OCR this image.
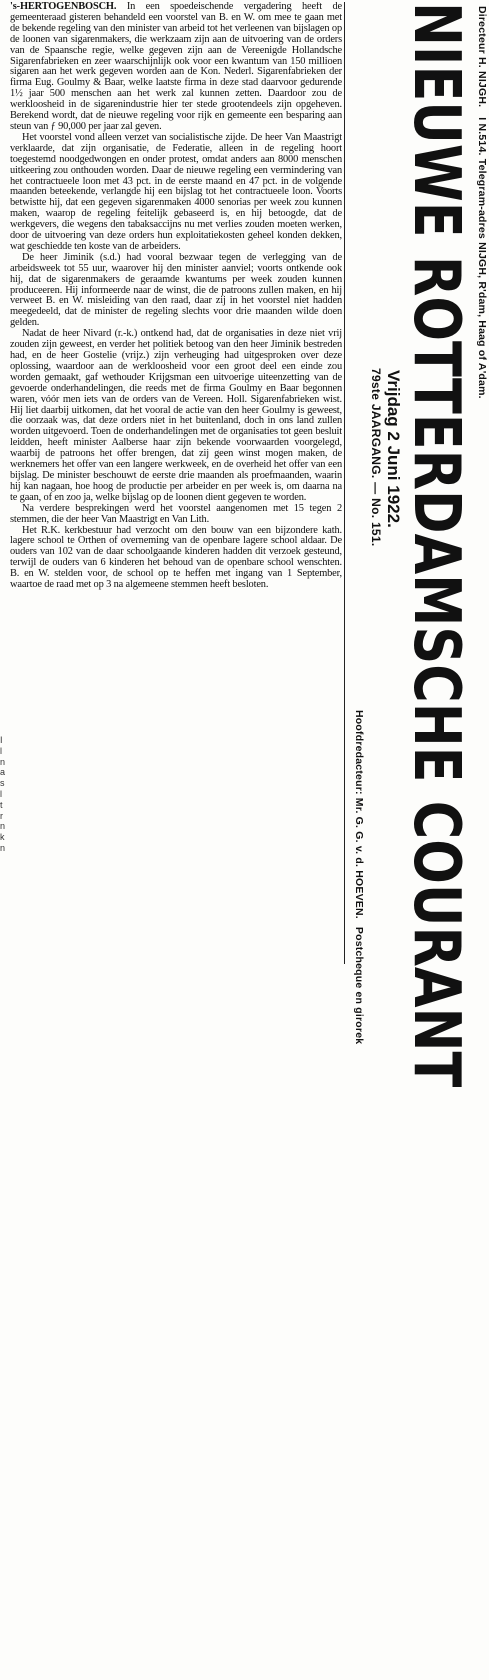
's-HERTOGENBOSCH. In een spoedeischende vergadering heeft de gemeenteraad gisteren behandeld een voorstel van B. en W. om mee te gaan met de bekende regeling van den minister van arbeid tot het verleenen van bijslagen op de loonen van sigarenmakers, die werkzaam zijn aan de uitvoering van de orders van de Spaansche regie, welke gegeven zijn aan de Vereenigde Hollandsche Sigarenfabrieken en zeer waarschijnlijk ook voor een kwantum van 150 millioen sigaren aan het werk gegeven worden aan de Kon. Nederl. Sigarenfabrieken der firma Eug. Goulmy & Baar, welke laatste firma in deze stad daarvoor gedurende 1½ jaar 500 menschen aan het werk zal kunnen zetten. Daardoor zou de werkloosheid in de sigarenindustrie hier ter stede grootendeels zijn opgeheven. Berekend wordt, dat de nieuwe regeling voor rijk en gemeente een besparing aan steun van ƒ 90,000 per jaar zal geven.

Het voorstel vond alleen verzet van socialistische zijde. De heer Van Maastrigt verklaarde, dat zijn organisatie, de Federatie, alleen in de regeling hoort toegestemd noodgedwongen en onder protest, omdat anders aan 8000 menschen uitkeering zou onthouden worden. Daar de nieuwe regeling een vermindering van het contractueele loon met 43 pct. in de eerste maand en 47 pct. in de volgende maanden beteekende, verlangde hij een bijslag tot het contractueele loon. Voorts betwistte hij, dat een gegeven sigarenmaken 4000 senorias per week zou kunnen maken, waarop de regeling feitelijk gebaseerd is, en hij betoogde, dat de werkgevers, die wegens den tabaksaccijns nu met verlies zouden moeten werken, door de uitvoering van deze orders hun exploitatiekosten geheel konden dekken, wat geschiedde ten koste van de arbeiders.

De heer Jiminik (s.d.) had vooral bezwaar tegen de verlegging van de arbeidsweek tot 55 uur, waarover hij den minister aanviel; voorts ontkende ook hij, dat de sigarenmakers de geraamde kwantums per week zouden kunnen produceeren. Hij informeerde naar de winst, die de patroons zullen maken, en hij verweet B. en W. misleiding van den raad, daar zij in het voorstel niet hadden meegedeeld, dat de minister de regeling slechts voor drie maanden wilde doen gelden.

Nadat de heer Nivard (r.-k.) ontkend had, dat de organisaties in deze niet vrij zouden zijn geweest, en verder het politiek betoog van den heer Jiminik bestreden had, en de heer Gostelie (vrijz.) zijn verheuging had uitgesproken over deze oplossing, waardoor aan de werkloosheid voor een groot deel een einde zou worden gemaakt, gaf wethouder Krijgsman een uitvoerige uiteenzetting van de gevoerde onderhandelingen, die reeds met de firma Goulmy en Baar begonnen waren, vóór men iets van de orders van de Vereen. Holl. Sigarenfabrieken wist. Hij liet daarbij uitkomen, dat het vooral de actie van den heer Goulmy is geweest, die oorzaak was, dat deze orders niet in het buitenland, doch in ons land zullen worden uitgevoerd. Toen de onderhandelingen met de organisaties tot geen besluit leidden, heeft minister Aalberse haar zijn bekende voorwaarden voorgelegd, waarbij de patroons het offer brengen, dat zij geen winst mogen maken, de werknemers het offer van een langere werkweek, en de overheid het offer van een bijslag. De minister beschouwt de eerste drie maanden als proefmaanden, waarin hij kan nagaan, hoe hoog de productie per arbeider en per week is, om daarna na te gaan, of en zoo ja, welke bijslag op de loonen dient gegeven te worden.

Na verdere besprekingen werd het voorstel aangenomen met 15 tegen 2 stemmen, die der heer Van Maastrigt en Van Lith.

Het R.K. kerkbestuur had verzocht om den bouw van een bijzondere kath. lagere school te Orthen of overneming van de openbare lagere school aldaar. De ouders van 102 van de daar schoolgaande kinderen hadden dit verzoek gesteund, terwijl de ouders van 6 kinderen het behoud van de openbare school wenschten. B. en W. stelden voor, de school op te heffen met ingang van 1 September, waartoe de raad met op 3 na algemeene stemmen heeft besloten.

I
l
n
a
s
l
t
r
n
k
n
Directeur H. NIJGH.I N.514. Telegram-adres NIJGH, R'dam, Haag of A'dam.
NIEUWE ROTTERDAMSCHE COURANT
Vrijdag 2 Juni 1922.
79ste JAARGANG. — No. 151.
Hoofdredacteur: Mr. G. G. v. d. HOEVEN.Postcheque en girorek
